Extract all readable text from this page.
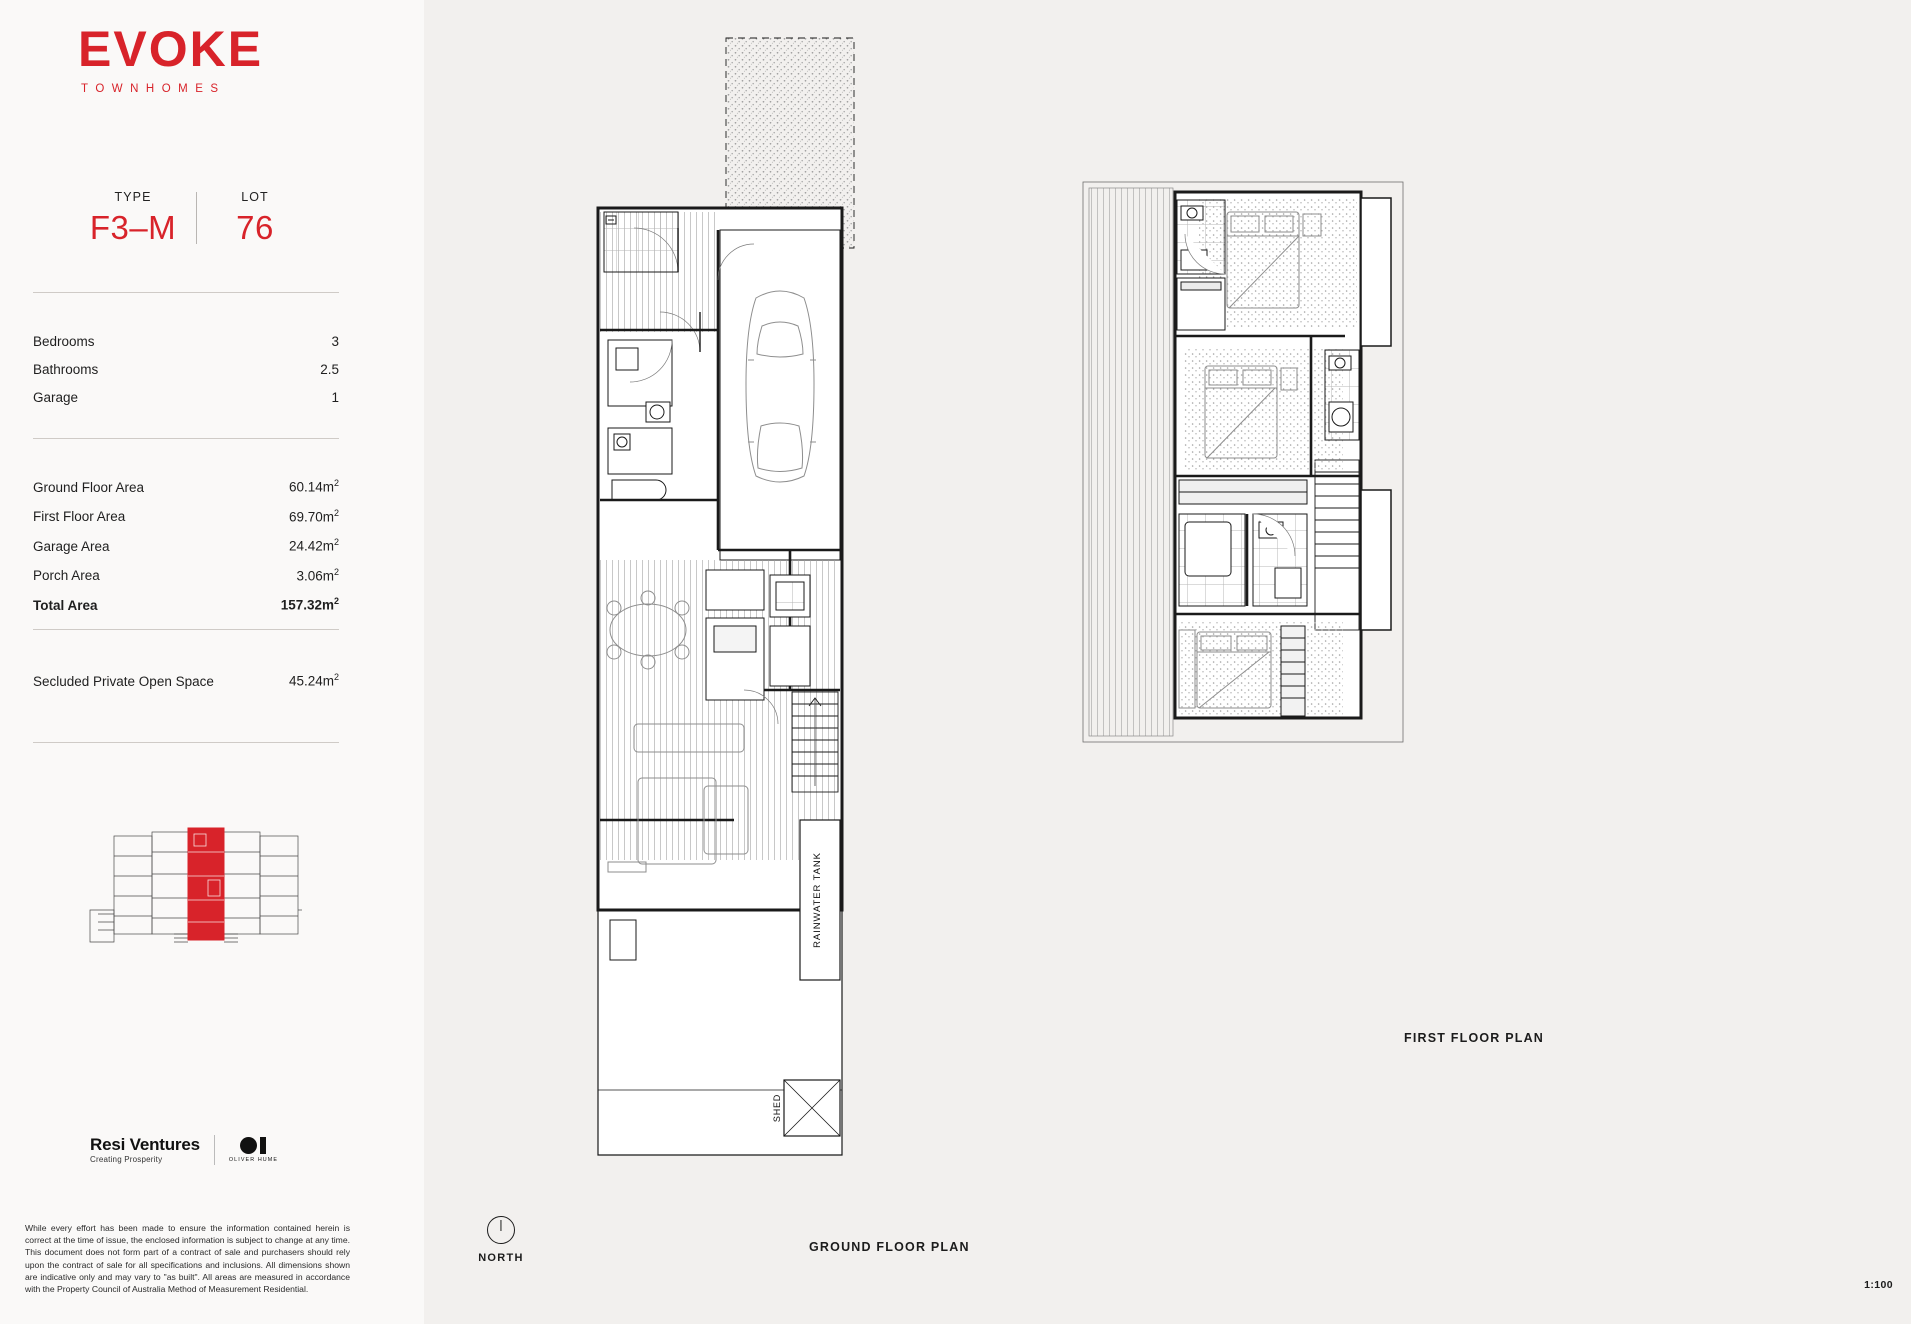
EVOKE
TOWNHOMES
TYPE
F3–M
LOT
76
Bedrooms	3
Bathrooms	2.5
Garage	1
Ground Floor Area	$60.14m^2$
First Floor Area	$69.70m^2$
Garage Area	$24.42m^2$
Porch Area	$3.06m^2$
Total Area	$157.32m^2$
Secluded Private Open Space	$45.24m^2$
Resi Ventures
Creating Prosperity	OLIVER HUME
While every effort has been made to ensure the information contained herein is correct at the time of issue, the enclosed information is subject to change at any time. This document does not form part of a contract of sale and purchasers should rely upon the contract of sale for all specifications and inclusions. All dimensions shown are indicative only and may vary to "as built". All areas are measured in accordance with the Property Council of Australia Method of Measurement Residential.
SHED
RAINWATER TANK
NORTH
GROUND FLOOR PLAN
FIRST FLOOR PLAN
1:100
